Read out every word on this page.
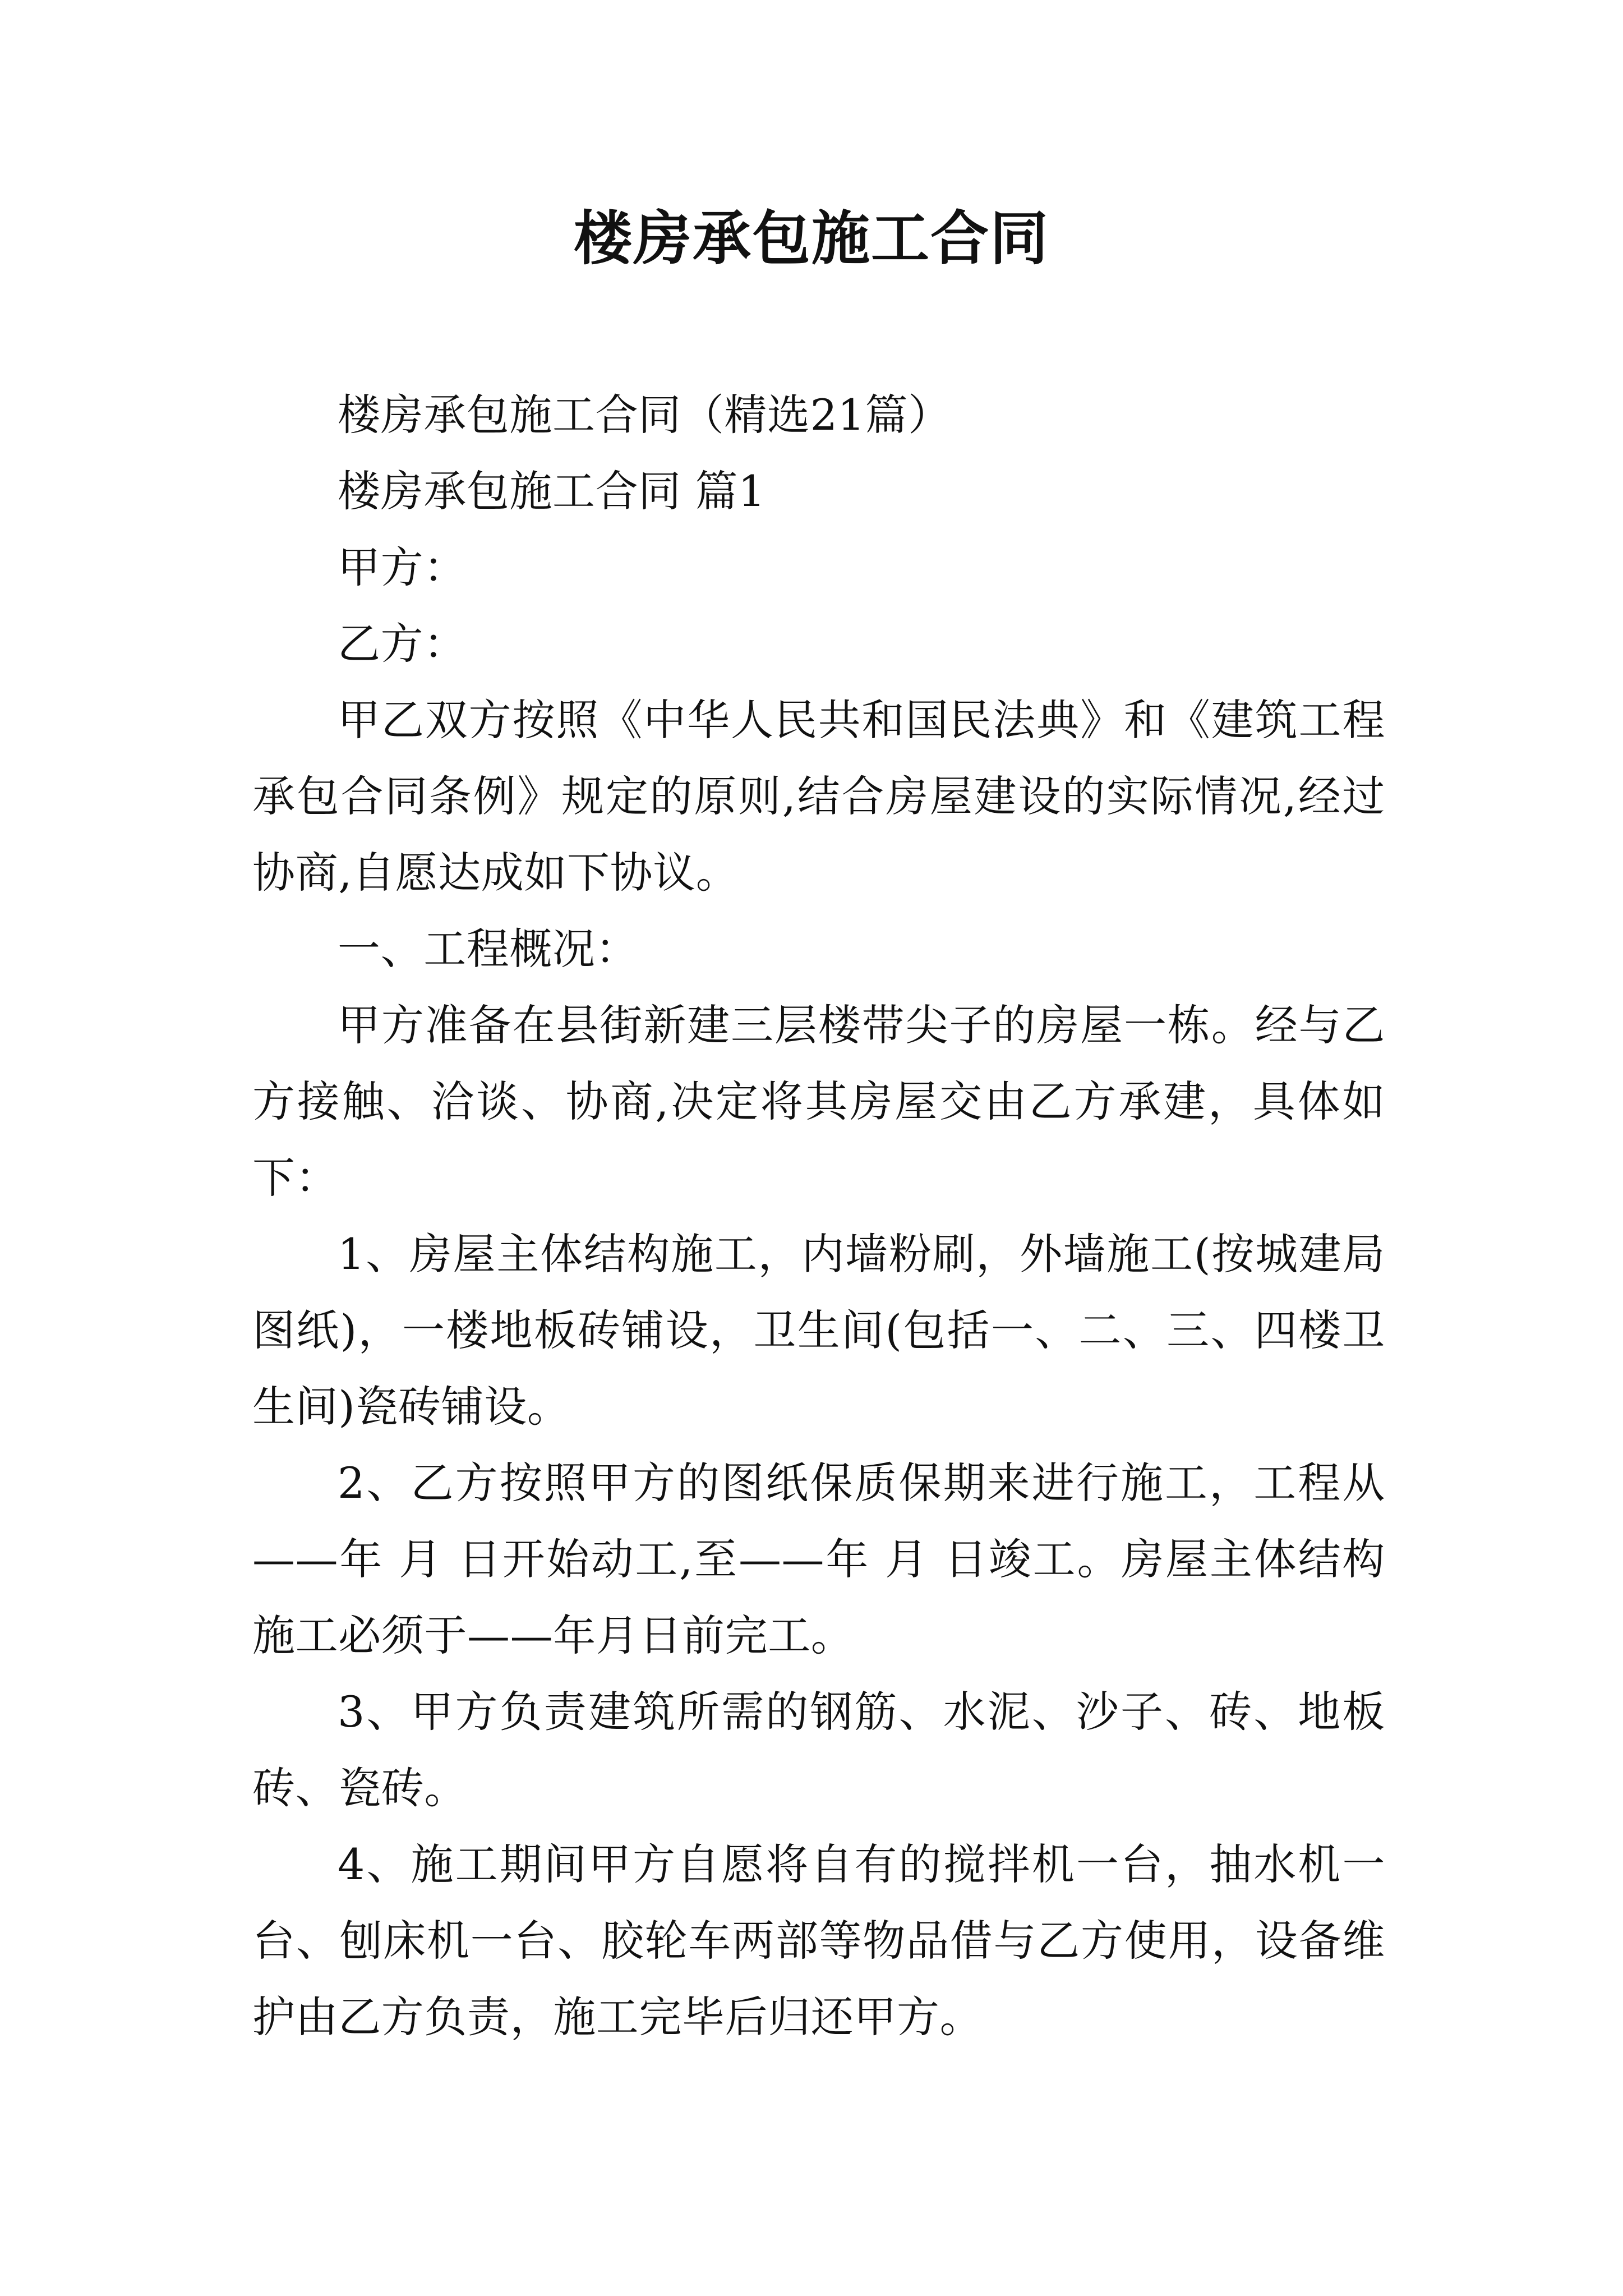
楼房承包施工合同

楼房承包施工合同（精选21篇）

楼房承包施工合同 篇1

甲方：

乙方：

甲乙双方按照《中华人民共和国民法典》和《建筑工程承包合同条例》规定的原则,结合房屋建设的实际情况,经过协商,自愿达成如下协议。

一、工程概况：

甲方准备在县街新建三层楼带尖子的房屋一栋。经与乙方接触、洽谈、协商,决定将其房屋交由乙方承建，具体如下：

1、房屋主体结构施工，内墙粉刷，外墙施工(按城建局图纸)，一楼地板砖铺设，卫生间(包括一、二、三、四楼卫生间)瓷砖铺设。

2、乙方按照甲方的图纸保质保期来进行施工，工程从——年 月 日开始动工,至——年 月 日竣工。房屋主体结构施工必须于——年月日前完工。

3、甲方负责建筑所需的钢筋、水泥、沙子、砖、地板砖、瓷砖。

4、施工期间甲方自愿将自有的搅拌机一台，抽水机一台、刨床机一台、胶轮车两部等物品借与乙方使用，设备维护由乙方负责，施工完毕后归还甲方。
